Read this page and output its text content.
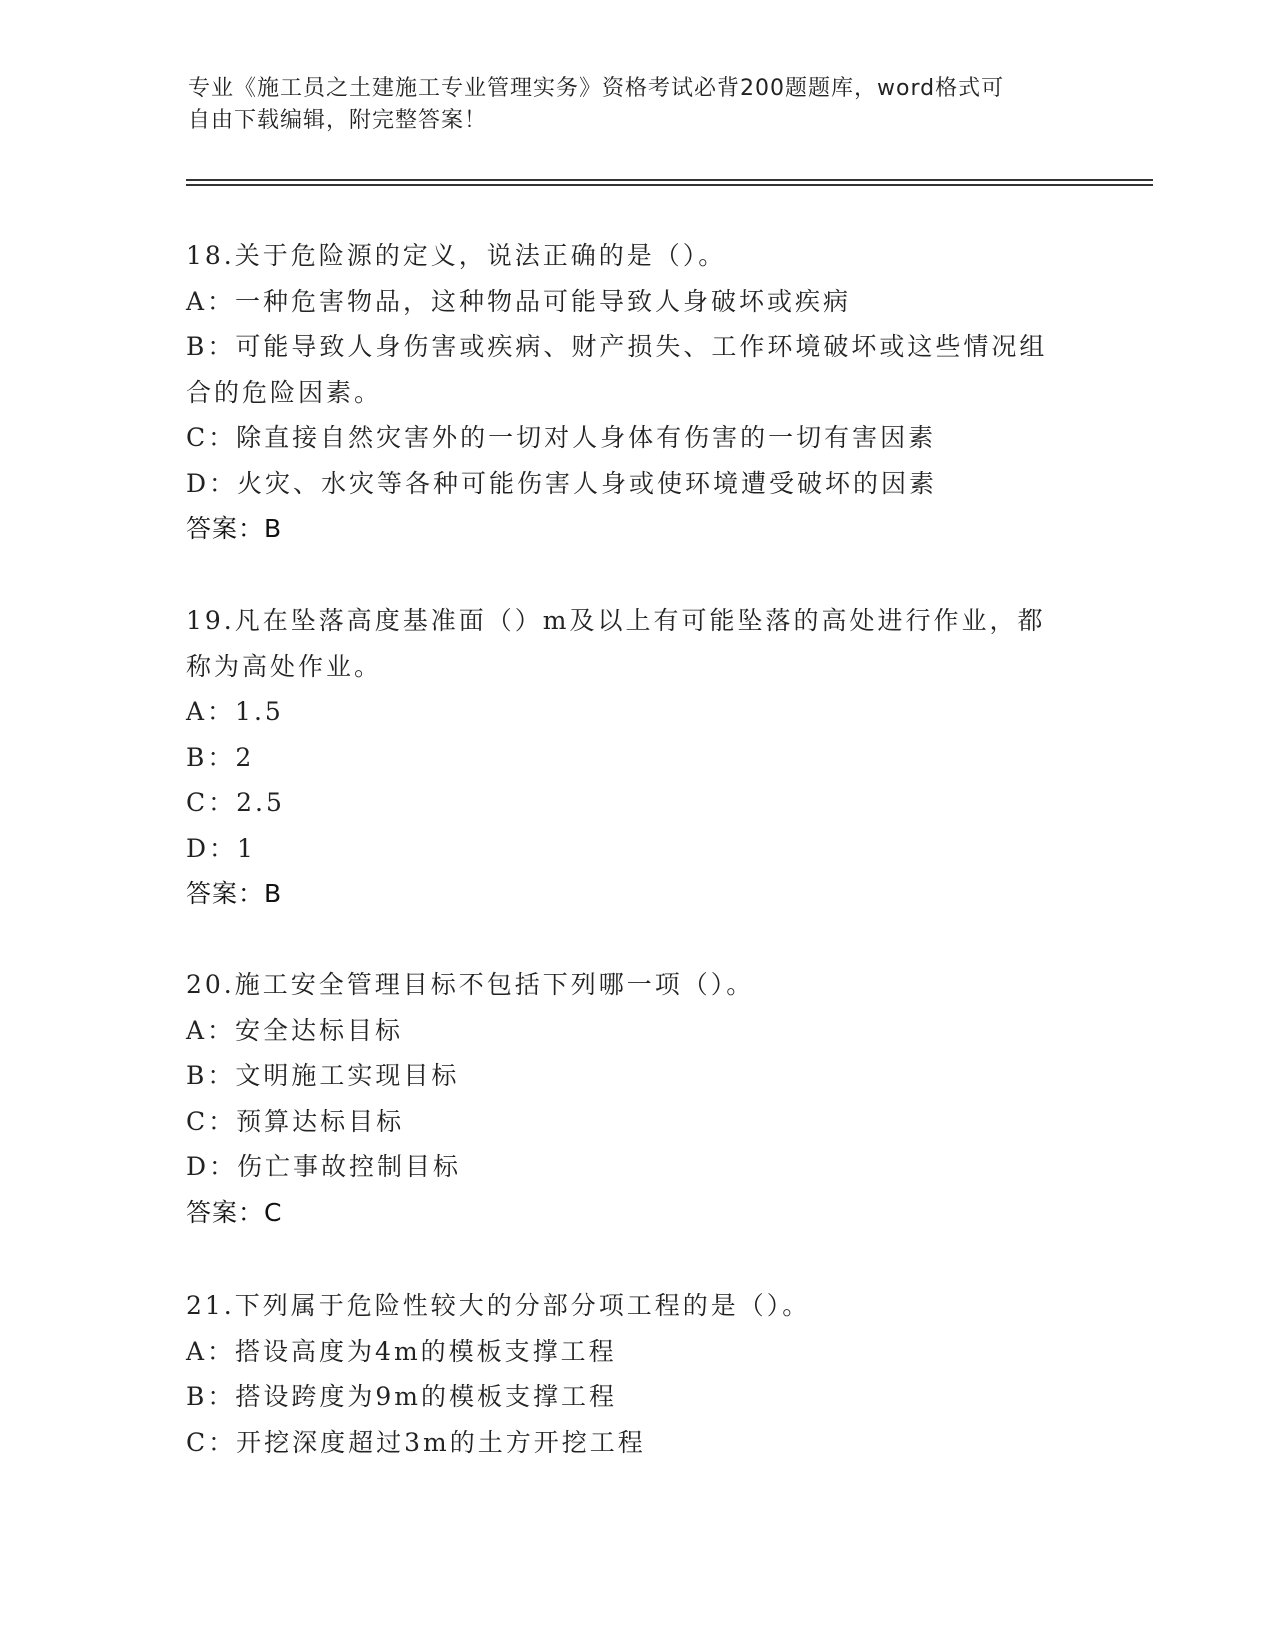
专业《施工员之土建施工专业管理实务》资格考试必背200题题库，word格式可

自由下载编辑，附完整答案！

18.关于危险源的定义，说法正确的是（）。

A：一种危害物品，这种物品可能导致人身破坏或疾病

B：可能导致人身伤害或疾病、财产损失、工作环境破坏或这些情况组

合的危险因素。

C：除直接自然灾害外的一切对人身体有伤害的一切有害因素

D：火灾、水灾等各种可能伤害人身或使环境遭受破坏的因素

答案：B

19.凡在坠落高度基准面（）m及以上有可能坠落的高处进行作业，都

称为高处作业。

A：1.5

B：2

C：2.5

D：1

答案：B

20.施工安全管理目标不包括下列哪一项（）。

A：安全达标目标

B：文明施工实现目标

C：预算达标目标

D：伤亡事故控制目标

答案：C

21.下列属于危险性较大的分部分项工程的是（）。

A：搭设高度为4m的模板支撑工程

B：搭设跨度为9m的模板支撑工程

C：开挖深度超过3m的土方开挖工程
